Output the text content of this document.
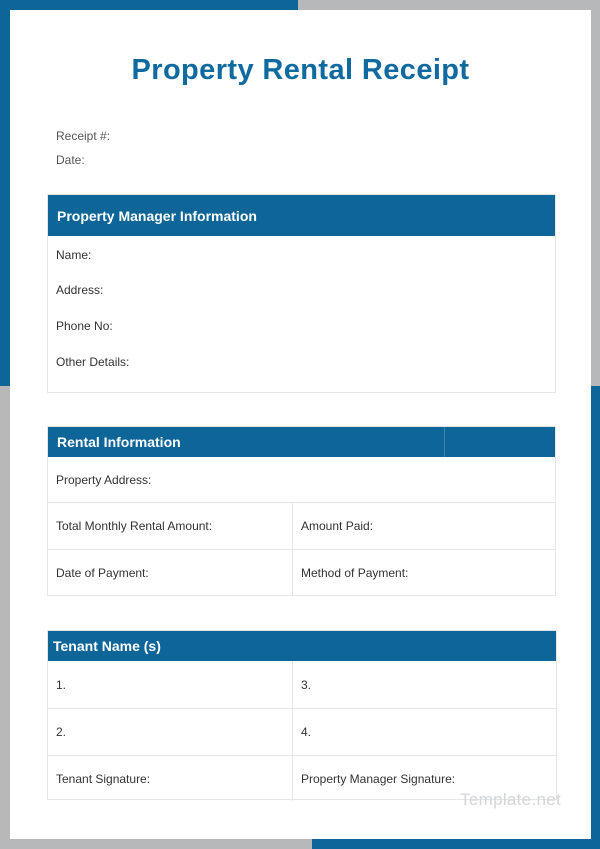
Property Rental Receipt
Receipt #:
Date:
Property Manager Information
Name:
Address:
Phone No:
Other Details:
Rental Information
Property Address:
Total Monthly Rental Amount:	Amount Paid:
Date of Payment:	Method of Payment:
Tenant Name (s)
1.	3.
2.	4.
Tenant Signature:	Property Manager Signature:
Template.net
